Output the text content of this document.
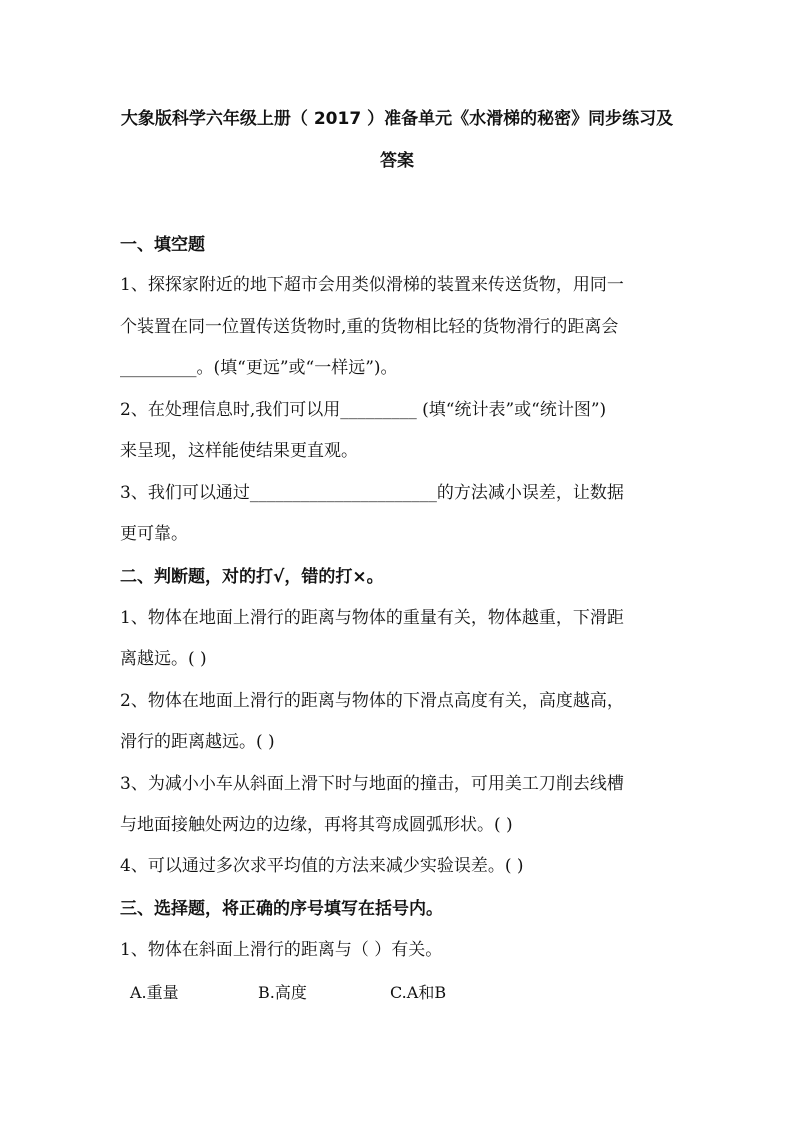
大象版科学六年级上册（ 2017 ）准备单元《水滑梯的秘密》同步练习及
答案
一、填空题
1、探探家附近的地下超市会用类似滑梯的装置来传送货物，用同一
个装置在同一位置传送货物时,重的货物相比轻的货物滑行的距离会
_________。(填“更远”或“一样远”)。
2、在处理信息时,我们可以用_________ (填“统计表”或“统计图”)
来呈现，这样能使结果更直观。
3、我们可以通过______________________的方法减小误差，让数据
更可靠。
二、判断题，对的打√，错的打×。
1、物体在地面上滑行的距离与物体的重量有关，物体越重，下滑距
离越远。( )
2、物体在地面上滑行的距离与物体的下滑点高度有关，高度越高，
滑行的距离越远。( )
3、为减小小车从斜面上滑下时与地面的撞击，可用美工刀削去线槽
与地面接触处两边的边缘，再将其弯成圆弧形状。( )
4、可以通过多次求平均值的方法来减少实验误差。( )
三、选择题，将正确的序号填写在括号内。
1、物体在斜面上滑行的距离与（ ）有关。
A.重量	B.高度	C.A和B
